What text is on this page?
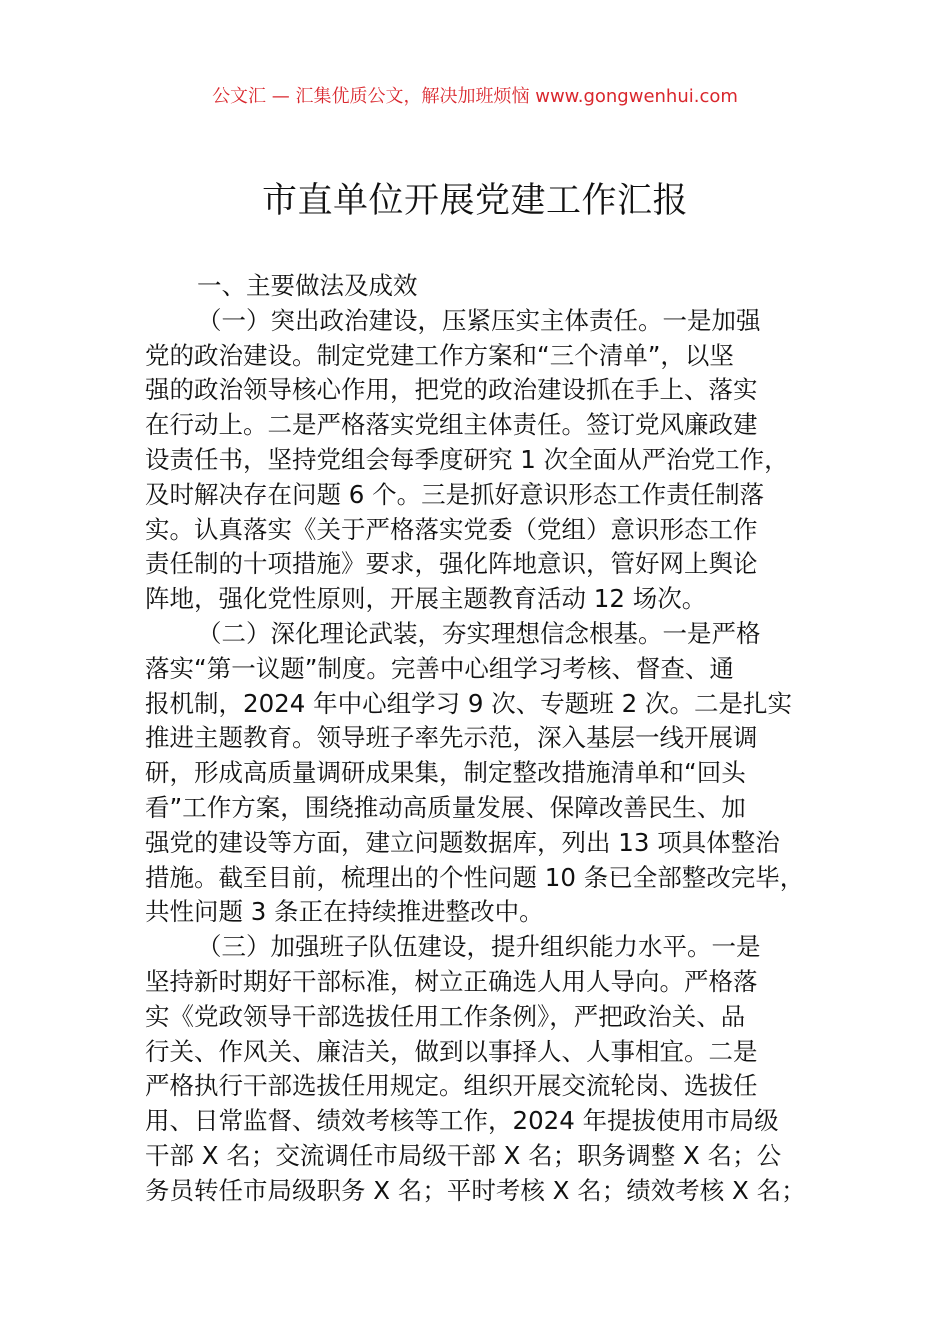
公文汇 — 汇集优质公文，解决加班烦恼 www.gongwenhui.com
市直单位开展党建工作汇报
一、主要做法及成效
（一）突出政治建设，压紧压实主体责任。一是加强
党的政治建设。制定党建工作方案和“三个清单”，以坚
强的政治领导核心作用，把党的政治建设抓在手上、落实
在行动上。二是严格落实党组主体责任。签订党风廉政建
设责任书，坚持党组会每季度研究 1 次全面从严治党工作，
及时解决存在问题 6 个。三是抓好意识形态工作责任制落
实。认真落实《关于严格落实党委（党组）意识形态工作
责任制的十项措施》要求，强化阵地意识，管好网上舆论
阵地，强化党性原则，开展主题教育活动 12 场次。
（二）深化理论武装，夯实理想信念根基。一是严格
落实“第一议题”制度。完善中心组学习考核、督查、通
报机制，2024 年中心组学习 9 次、专题班 2 次。二是扎实
推进主题教育。领导班子率先示范，深入基层一线开展调
研，形成高质量调研成果集，制定整改措施清单和“回头
看”工作方案，围绕推动高质量发展、保障改善民生、加
强党的建设等方面，建立问题数据库，列出 13 项具体整治
措施。截至目前，梳理出的个性问题 10 条已全部整改完毕，
共性问题 3 条正在持续推进整改中。
（三）加强班子队伍建设，提升组织能力水平。一是
坚持新时期好干部标准，树立正确选人用人导向。严格落
实《党政领导干部选拔任用工作条例》，严把政治关、品
行关、作风关、廉洁关，做到以事择人、人事相宜。二是
严格执行干部选拔任用规定。组织开展交流轮岗、选拔任
用、日常监督、绩效考核等工作，2024 年提拔使用市局级
干部 X 名；交流调任市局级干部 X 名；职务调整 X 名；公
务员转任市局级职务 X 名；平时考核 X 名；绩效考核 X 名；
